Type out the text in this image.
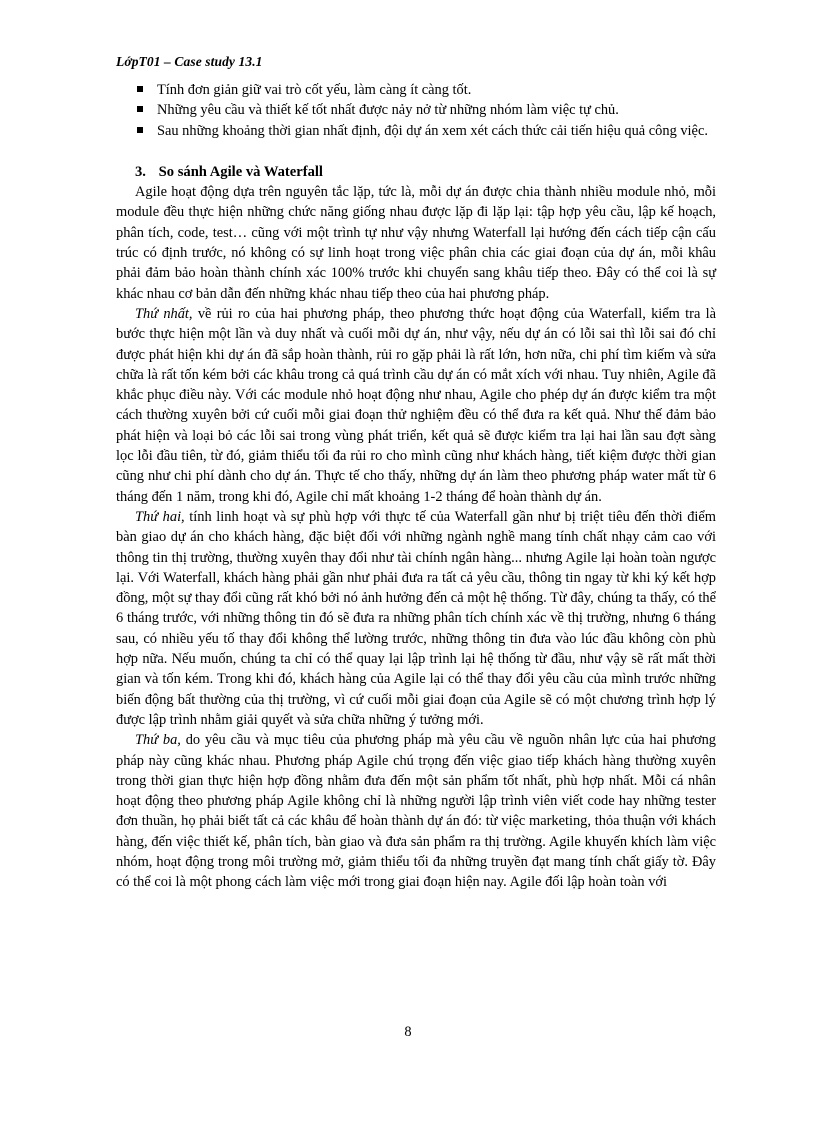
LớpT01 – Case study 13.1

Tính đơn giản giữ vai trò cốt yếu, làm càng ít càng tốt.

Những yêu cầu và thiết kế tốt nhất được nảy nở từ những nhóm làm việc tự chủ.

Sau những khoảng thời gian nhất định, đội dự án xem xét cách thức cải tiến hiệu quả công việc.

3. So sánh Agile và Waterfall

Agile hoạt động dựa trên nguyên tắc lặp, tức là, mỗi dự án được chia thành nhiều module nhỏ, mỗi module đều thực hiện những chức năng giống nhau được lặp đi lặp lại: tập hợp yêu cầu, lập kế hoạch, phân tích, code, test… cũng với một trình tự như vậy nhưng Waterfall lại hướng đến cách tiếp cận cấu trúc có định trước, nó không có sự linh hoạt trong việc phân chia các giai đoạn của dự án, mỗi khâu phải đảm bảo hoàn thành chính xác 100% trước khi chuyển sang khâu tiếp theo. Đây có thể coi là sự khác nhau cơ bản dẫn đến những khác nhau tiếp theo của hai phương pháp.

Thứ nhất, về rủi ro của hai phương pháp, theo phương thức hoạt động của Waterfall, kiểm tra là bước thực hiện một lần và duy nhất và cuối mỗi dự án, như vậy, nếu dự án có lỗi sai thì lỗi sai đó chỉ được phát hiện khi dự án đã sắp hoàn thành, rủi ro gặp phải là rất lớn, hơn nữa, chi phí tìm kiếm và sửa chữa là rất tốn kém bởi các khâu trong cả quá trình cầu dự án có mắt xích với nhau. Tuy nhiên, Agile đã khắc phục điều này. Với các module nhỏ hoạt động như nhau, Agile cho phép dự án được kiểm tra một cách thường xuyên bởi cứ cuối mỗi giai đoạn thử nghiệm đều có thể đưa ra kết quả. Như thế đảm bảo phát hiện và loại bỏ các lỗi sai trong vùng phát triển, kết quả sẽ được kiểm tra lại hai lần sau đợt sàng lọc lỗi đầu tiên, từ đó, giảm thiểu tối đa rủi ro cho mình cũng như khách hàng, tiết kiệm được thời gian cũng như chi phí dành cho dự án. Thực tế cho thấy, những dự án làm theo phương pháp water mất từ 6 tháng đến 1 năm, trong khi đó, Agile chỉ mất khoảng 1-2 tháng để hoàn thành dự án.

Thứ hai, tính linh hoạt và sự phù hợp với thực tế của Waterfall gần như bị triệt tiêu đến thời điểm bàn giao dự án cho khách hàng, đặc biệt đối với những ngành nghề mang tính chất nhạy cảm cao với thông tin thị trường, thường xuyên thay đổi như tài chính ngân hàng... nhưng Agile lại hoàn toàn ngược lại. Với Waterfall, khách hàng phải gần như phải đưa ra tất cả yêu cầu, thông tin ngay từ khi ký kết hợp đồng, một sự thay đổi cũng rất khó bởi nó ảnh hưởng đến cả một hệ thống. Từ đây, chúng ta thấy, có thể 6 tháng trước, với những thông tin đó sẽ đưa ra những phân tích chính xác về thị trường, nhưng 6 tháng sau, có nhiều yếu tố thay đổi không thể lường trước, những thông tin đưa vào lúc đầu không còn phù hợp nữa. Nếu muốn, chúng ta chỉ có thể quay lại lập trình lại hệ thống từ đầu, như vậy sẽ rất mất thời gian và tốn kém. Trong khi đó, khách hàng của Agile lại có thể thay đổi yêu cầu của mình trước những biến động bất thường của thị trường, vì cứ cuối mỗi giai đoạn của Agile sẽ có một chương trình hợp lý được lập trình nhằm giải quyết và sửa chữa những ý tưởng mới.

Thứ ba, do yêu cầu và mục tiêu của phương pháp mà yêu cầu về nguồn nhân lực của hai phương pháp này cũng khác nhau. Phương pháp Agile chú trọng đến việc giao tiếp khách hàng thường xuyên trong thời gian thực hiện hợp đồng nhằm đưa đến một sản phẩm tốt nhất, phù hợp nhất. Mỗi cá nhân hoạt động theo phương pháp Agile không chỉ là những người lập trình viên viết code hay những tester đơn thuần, họ phải biết tất cả các khâu để hoàn thành dự án đó: từ việc marketing, thỏa thuận với khách hàng, đến việc thiết kế, phân tích, bàn giao và đưa sản phẩm ra thị trường. Agile khuyến khích làm việc nhóm, hoạt động trong môi trường mở, giảm thiểu tối đa những truyền đạt mang tính chất giấy tờ. Đây có thể coi là một phong cách làm việc mới trong giai đoạn hiện nay. Agile đối lập hoàn toàn với

8
